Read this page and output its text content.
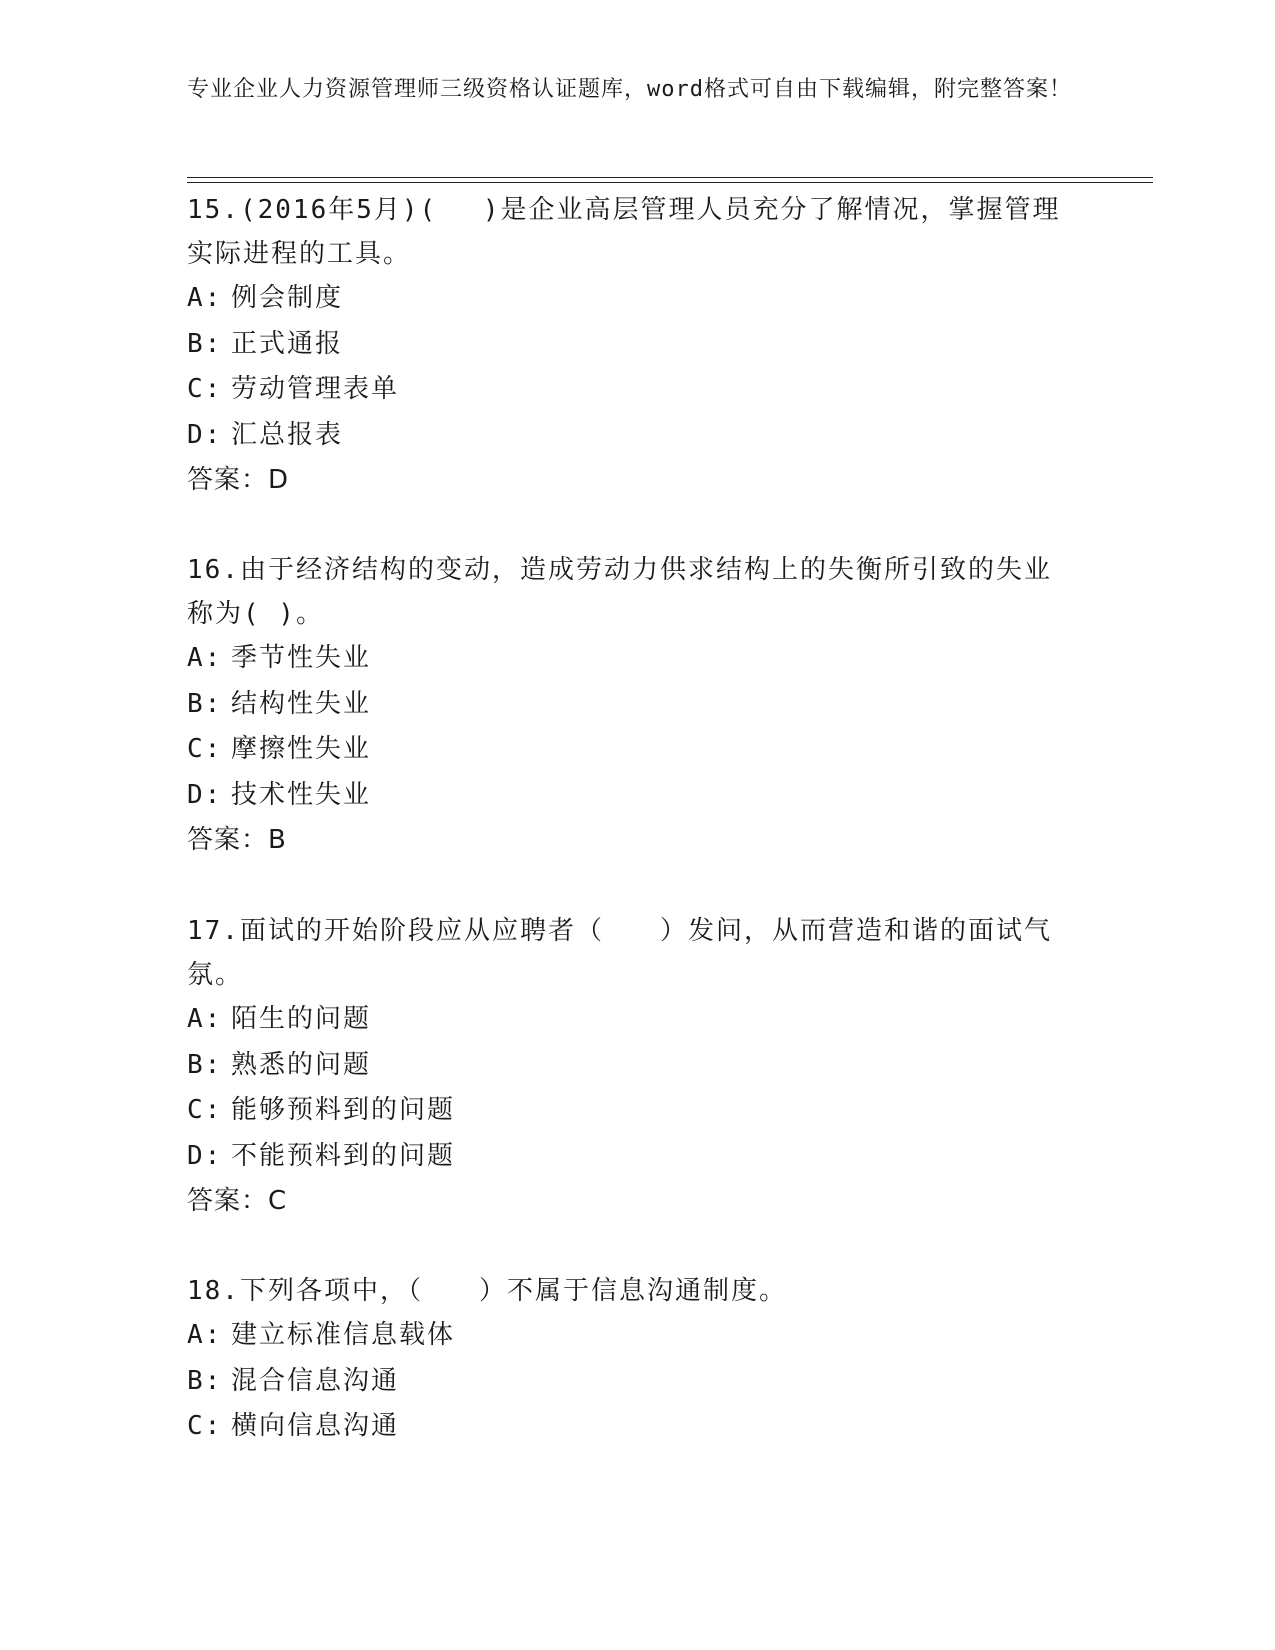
专业企业人力资源管理师三级资格认证题库，word格式可自由下载编辑，附完整答案！

15.(2016年5月)(　 )是企业高层管理人员充分了解情况，掌握管理实际进程的工具。

A: 例会制度

B: 正式通报

C: 劳动管理表单

D: 汇总报表

答案：D

16.由于经济结构的变动，造成劳动力供求结构上的失衡所引致的失业称为( )。

A: 季节性失业

B: 结构性失业

C: 摩擦性失业

D: 技术性失业

答案：B

17.面试的开始阶段应从应聘者（　　）发问，从而营造和谐的面试气氛。

A: 陌生的问题

B: 熟悉的问题

C: 能够预料到的问题

D: 不能预料到的问题

答案：C

18.下列各项中，（　　）不属于信息沟通制度。

A: 建立标准信息载体

B: 混合信息沟通

C: 横向信息沟通
